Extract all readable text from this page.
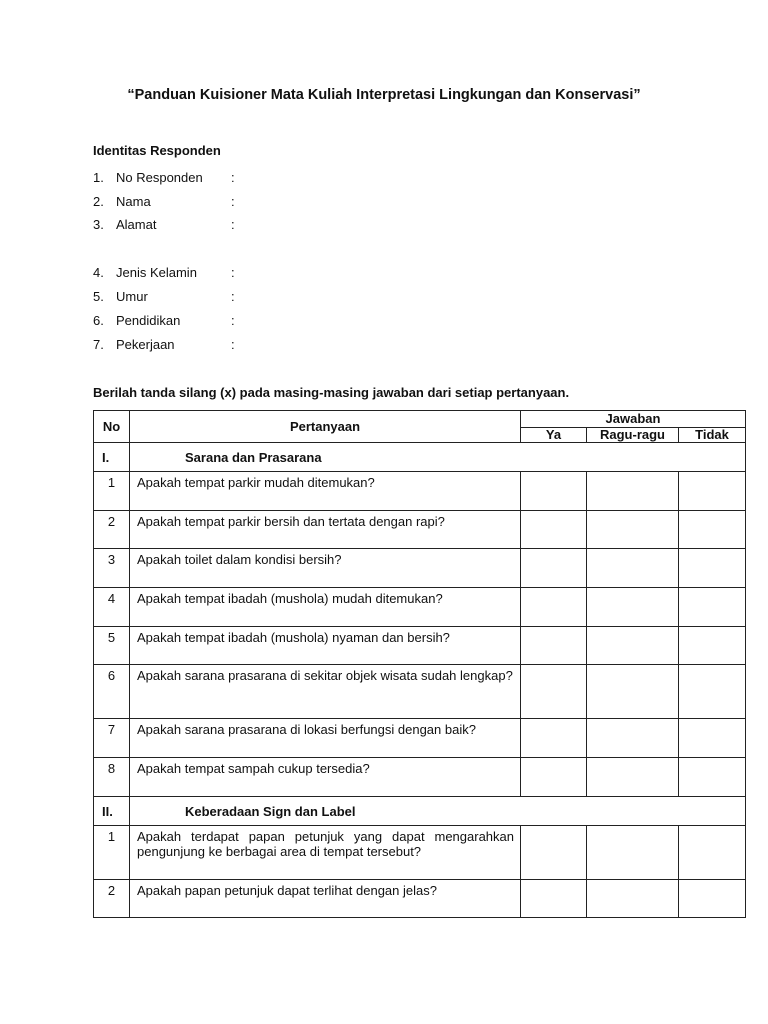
“Panduan Kuisioner Mata Kuliah Interpretasi Lingkungan dan Konservasi”
Identitas Responden
1. No Responden	:
2. Nama	:
3. Alamat	:
4. Jenis Kelamin	:
5. Umur	:
6. Pendidikan	:
7. Pekerjaan	:
Berilah tanda silang (x) pada masing-masing jawaban dari setiap pertanyaan.
No	Pertanyaan	Jawaban		
		Ya	Ragu-ragu	Tidak
I.	Sarana dan Prasarana			
1	Apakah tempat parkir mudah ditemukan?			
2	Apakah tempat parkir bersih dan tertata dengan rapi?			
3	Apakah toilet dalam kondisi bersih?			
4	Apakah tempat ibadah (mushola) mudah ditemukan?			
5	Apakah tempat ibadah (mushola) nyaman dan bersih?			
6	Apakah sarana prasarana di sekitar objek wisata sudah lengkap?			
7	Apakah sarana prasarana di lokasi berfungsi dengan baik?			
8	Apakah tempat sampah cukup tersedia?			
II.	Keberadaan Sign dan Label			
1	Apakah terdapat papan petunjuk yang dapat mengarahkan pengunjung ke berbagai area di tempat tersebut?			
2	Apakah papan petunjuk dapat terlihat dengan jelas?			
